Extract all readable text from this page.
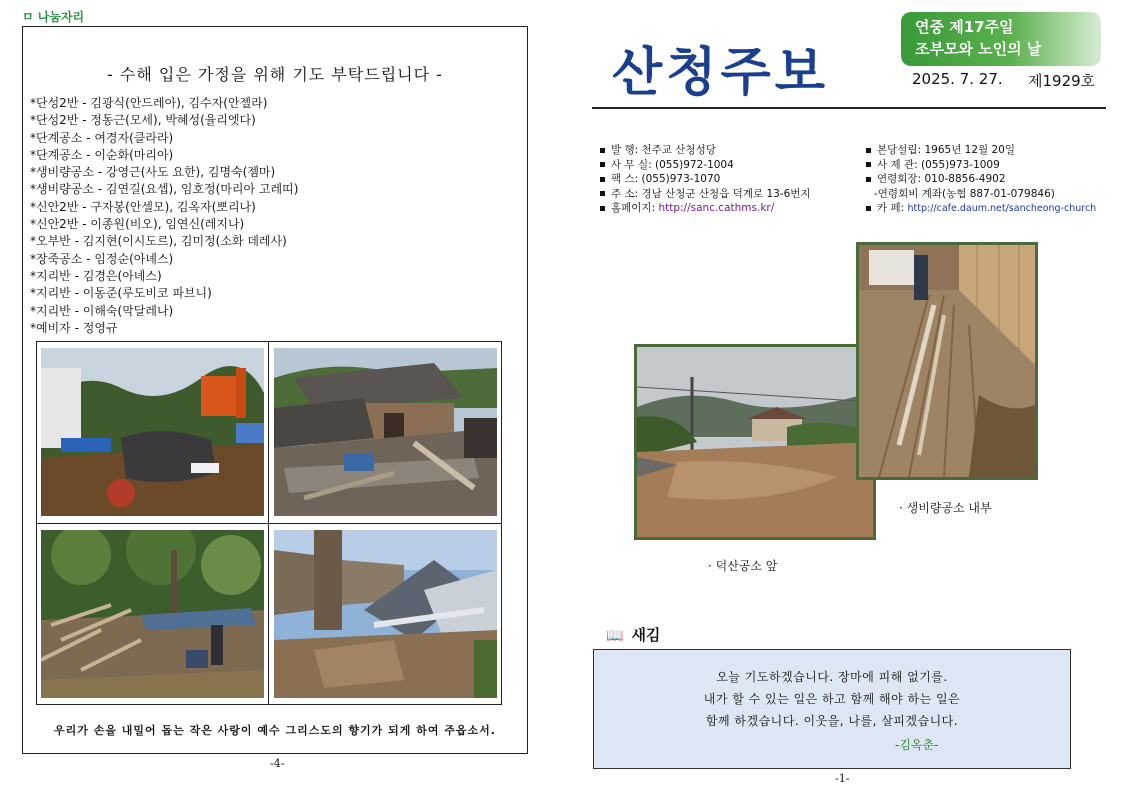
ㅁ 나눔자리
- 수해 입은 가정을 위해 기도 부탁드립니다 -
*단성2반 - 김광식(안드레아), 김수자(안젤라)
*단성2반 - 정동근(모세), 박혜성(율리엣다)
*단계공소 - 여경자(클라라)
*단계공소 - 이순화(마리아)
*생비량공소 - 강영근(사도 요한), 김명숙(젬마)
*생비량공소 - 김연길(요셉), 임호정(마리아 고레띠)
*신안2반 - 구자봉(안셀모), 김옥자(뽀리나)
*신안2반 - 이종원(비오), 임연신(레지나)
*오부반 - 김지현(이시도르), 김미정(소화 데레사)
*장죽공소 - 임정순(아녜스)
*지리반 - 김경은(아녜스)
*지리반 - 이동준(루도비코 파브니)
*지리반 - 이해숙(막달레나)
*예비자 - 정영규
우리가 손을 내밀어 돕는 작은 사랑이 예수 그리스도의 향기가 되게 하여 주옵소서.
-4-
산청주보
연중 제17주일
조부모와 노인의 날
2025. 7. 27. 제1929호
발 행: 천주교 산청성당
사 무 실: (055)972-1004
팩 스: (055)973-1070
주 소: 경남 산청군 산청읍 덕계로 13-6번지
홈페이지: http://sanc.cathms.kr/
본당설립: 1965년 12월 20일
사 제 관: (055)973-1009
연령회장: 010-8856-4902
-연령회비 계좌(농협 887-01-079846)
카 페: http://cafe.daum.net/sancheong-church
· 생비량공소 내부
· 덕산공소 앞
📖 새김
오늘 기도하겠습니다. 장마에 피해 없기를.
내가 할 수 있는 일은 하고 함께 해야 하는 일은
함께 하겠습니다. 이웃을, 나를, 살피겠습니다.
-김옥춘-
-1-
